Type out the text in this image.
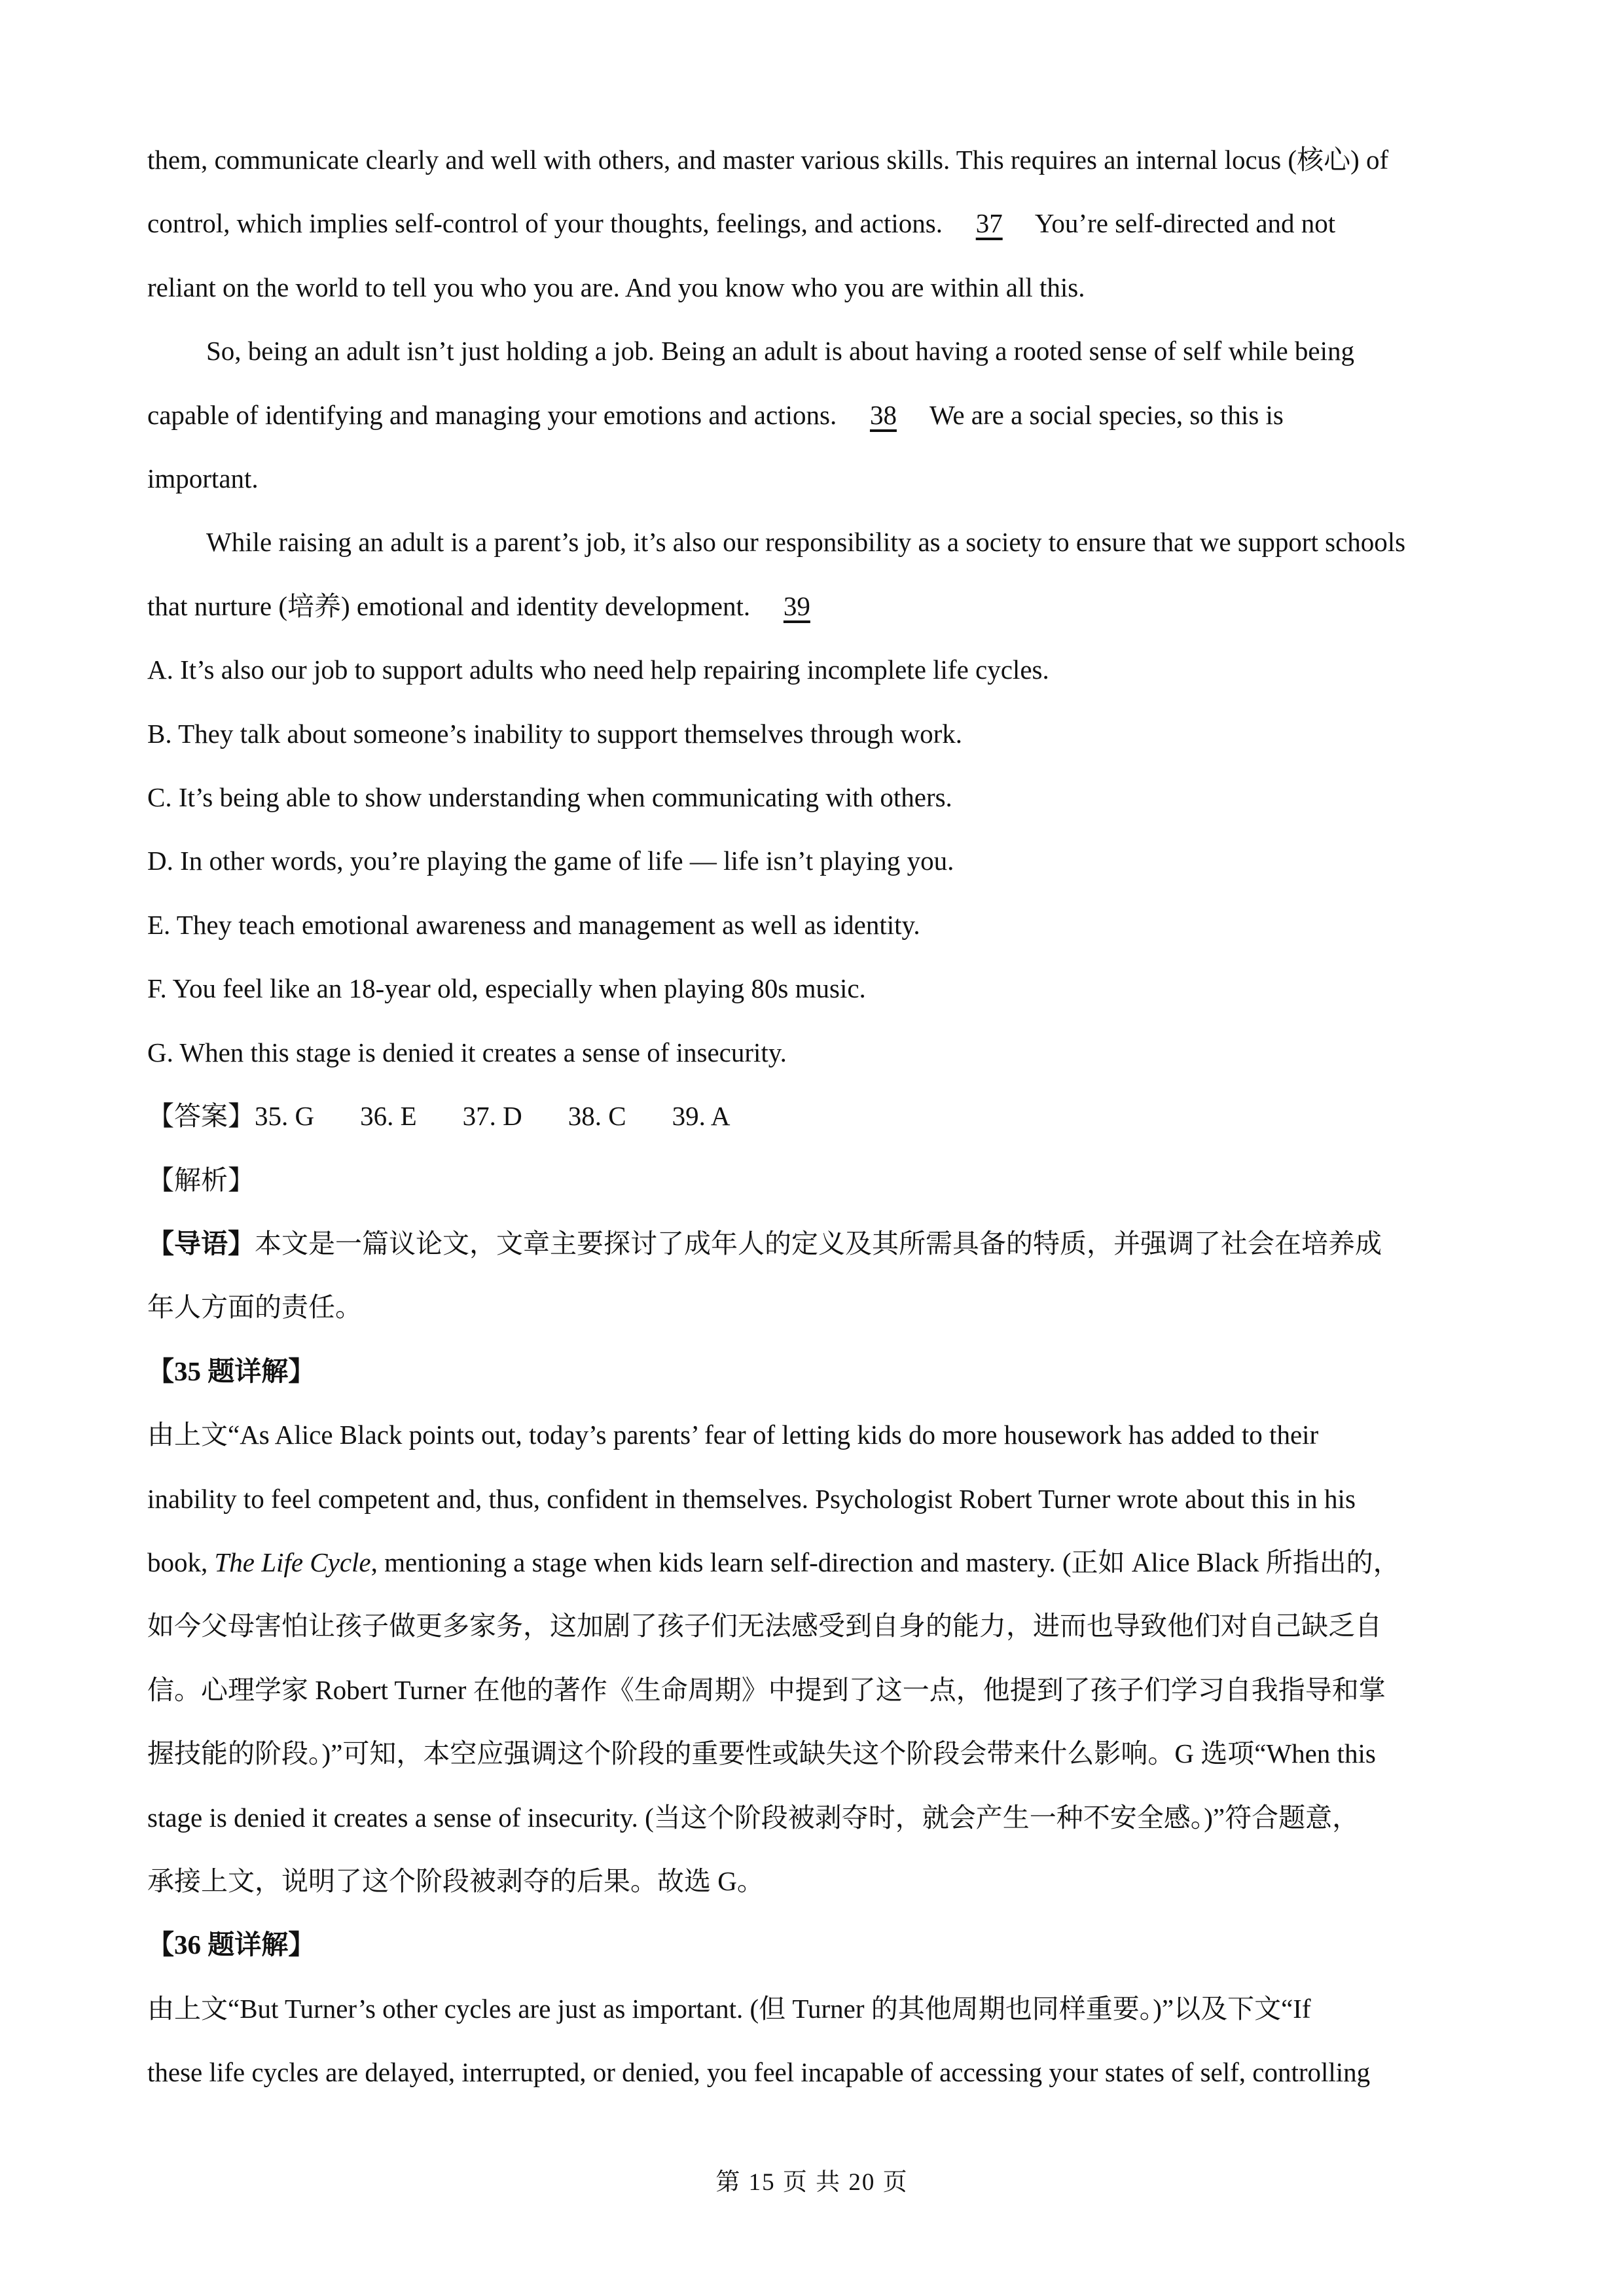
them, communicate clearly and well with others, and master various skills. This requires an internal locus (核心) of

control, which implies self-control of your thoughts, feelings, and actions. 37 You’re self-directed and not

reliant on the world to tell you who you are. And you know who you are within all this.

So, being an adult isn’t just holding a job. Being an adult is about having a rooted sense of self while being

capable of identifying and managing your emotions and actions. 38 We are a social species, so this is

important.

While raising an adult is a parent’s job, it’s also our responsibility as a society to ensure that we support schools

that nurture (培养) emotional and identity development. 39

A. It’s also our job to support adults who need help repairing incomplete life cycles.

B. They talk about someone’s inability to support themselves through work.

C. It’s being able to show understanding when communicating with others.

D. In other words, you’re playing the game of life — life isn’t playing you.

E. They teach emotional awareness and management as well as identity.

F. You feel like an 18-year old, especially when playing 80s music.

G. When this stage is denied it creates a sense of insecurity.

【答案】35. G 36. E 37. D 38. C 39. A

【解析】

【导语】本文是一篇议论文，文章主要探讨了成年人的定义及其所需具备的特质，并强调了社会在培养成

年人方面的责任。

【35 题详解】

由上文“As Alice Black points out, today’s parents’ fear of letting kids do more housework has added to their

inability to feel competent and, thus, confident in themselves. Psychologist Robert Turner wrote about this in his

book, The Life Cycle, mentioning a stage when kids learn self-direction and mastery. (正如 Alice Black 所指出的，

如今父母害怕让孩子做更多家务，这加剧了孩子们无法感受到自身的能力，进而也导致他们对自己缺乏自

信。心理学家 Robert Turner 在他的著作《生命周期》中提到了这一点，他提到了孩子们学习自我指导和掌

握技能的阶段。)”可知，本空应强调这个阶段的重要性或缺失这个阶段会带来什么影响。G 选项“When this

stage is denied it creates a sense of insecurity. (当这个阶段被剥夺时，就会产生一种不安全感。)”符合题意，

承接上文，说明了这个阶段被剥夺的后果。故选 G。

【36 题详解】

由上文“But Turner’s other cycles are just as important. (但 Turner 的其他周期也同样重要。)”以及下文“If

these life cycles are delayed, interrupted, or denied, you feel incapable of accessing your states of self, controlling

第 15 页 共 20 页
